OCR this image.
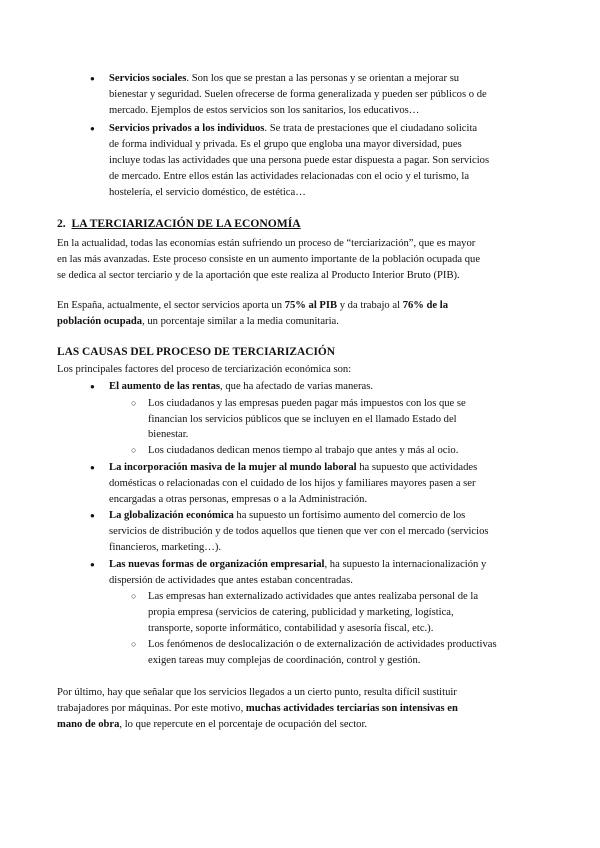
● Servicios sociales. Son los que se prestan a las personas y se orientan a mejorar su
bienestar y seguridad. Suelen ofrecerse de forma generalizada y pueden ser públicos o de
mercado. Ejemplos de estos servicios son los sanitarios, los educativos…
● Servicios privados a los individuos. Se trata de prestaciones que el ciudadano solicita
de forma individual y privada. Es el grupo que engloba una mayor diversidad, pues
incluye todas las actividades que una persona puede estar dispuesta a pagar. Son servicios
de mercado. Entre ellos están las actividades relacionadas con el ocio y el turismo, la
hostelería, el servicio doméstico, de estética…
2. LA TERCIARIZACIÓN DE LA ECONOMÍA
En la actualidad, todas las economías están sufriendo un proceso de “terciarización”, que es mayor
en las más avanzadas. Este proceso consiste en un aumento importante de la población ocupada que
se dedica al sector terciario y de la aportación que este realiza al Producto Interior Bruto (PIB).
En España, actualmente, el sector servicios aporta un 75% al PIB y da trabajo al 76% de la
población ocupada, un porcentaje similar a la media comunitaria.
LAS CAUSAS DEL PROCESO DE TERCIARIZACIÓN
Los principales factores del proceso de terciarización económica son:
● El aumento de las rentas, que ha afectado de varias maneras.
○ Los ciudadanos y las empresas pueden pagar más impuestos con los que se
financian los servicios públicos que se incluyen en el llamado Estado del
bienestar.
○ Los ciudadanos dedican menos tiempo al trabajo que antes y más al ocio.
● La incorporación masiva de la mujer al mundo laboral ha supuesto que actividades
domésticas o relacionadas con el cuidado de los hijos y familiares mayores pasen a ser
encargadas a otras personas, empresas o a la Administración.
● La globalización económica ha supuesto un fortísimo aumento del comercio de los
servicios de distribución y de todos aquellos que tienen que ver con el mercado (servicios
financieros, marketing…).
● Las nuevas formas de organización empresarial, ha supuesto la internacionalización y
dispersión de actividades que antes estaban concentradas.
○ Las empresas han externalizado actividades que antes realizaba personal de la
propia empresa (servicios de catering, publicidad y marketing, logística,
transporte, soporte informático, contabilidad y asesoría fiscal, etc.).
○ Los fenómenos de deslocalización o de externalización de actividades productivas
exigen tareas muy complejas de coordinación, control y gestión.
Por último, hay que señalar que los servicios llegados a un cierto punto, resulta difícil sustituir
trabajadores por máquinas. Por este motivo, muchas actividades terciarias son intensivas en
mano de obra, lo que repercute en el porcentaje de ocupación del sector.
